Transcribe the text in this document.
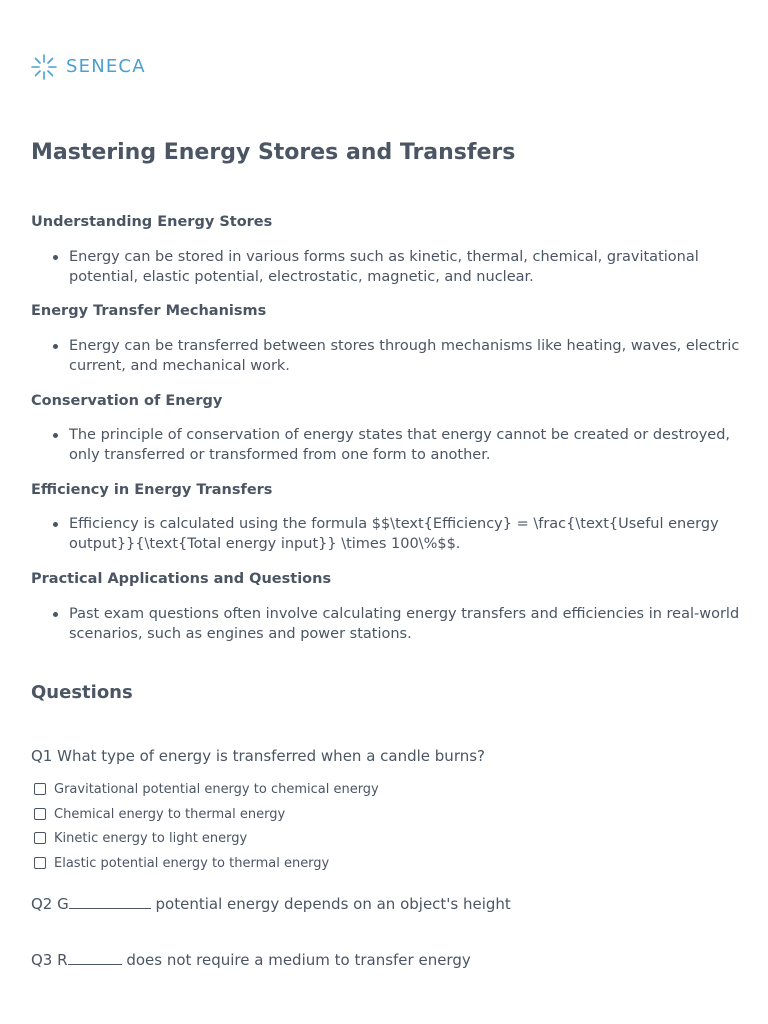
SENECA
Mastering Energy Stores and Transfers
Understanding Energy Stores

Energy can be stored in various forms such as kinetic, thermal, chemical, gravitational potential, elastic potential, electrostatic, magnetic, and nuclear.

Energy Transfer Mechanisms

Energy can be transferred between stores through mechanisms like heating, waves, electric current, and mechanical work.

Conservation of Energy

The principle of conservation of energy states that energy cannot be created or destroyed, only transferred or transformed from one form to another.

Efficiency in Energy Transfers

Efficiency is calculated using the formula $$\text{Efficiency} = \frac{\text{Useful energy output}}{\text{Total energy input}} \times 100\%$$.

Practical Applications and Questions

Past exam questions often involve calculating energy transfers and efficiencies in real-world scenarios, such as engines and power stations.

Questions

Q1 What type of energy is transferred when a candle burns?

Gravitational potential energy to chemical energy
Chemical energy to thermal energy
Kinetic energy to light energy
Elastic potential energy to thermal energy

Q2 G	potential energy depends on an object's height

Q3 R	does not require a medium to transfer energy
